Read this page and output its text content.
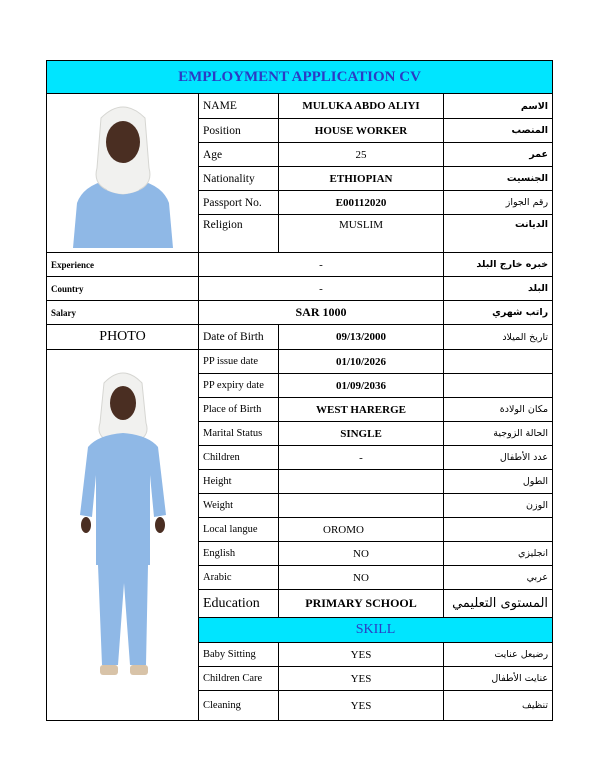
EMPLOYMENT APPLICATION CV			

	NAME	MULUKA ABDO ALIYI	الاسم
	Position	HOUSE WORKER	المنصب
	Age	25	عمر
	Nationality	ETHIOPIAN	الجنسيت
	Passport No.	E00112020	رقم الجواز
	Religion	MUSLIM	الديانت
Experience	-		خبره خارج البلد
Country	-		البلد
Salary	SAR 1000		راتب شهري
PHOTO	Date of Birth	09/13/2000	تاريخ الميلاد

	PP issue date	01/10/2026	
	PP expiry date	01/09/2036	
	Place of Birth	WEST HARERGE	مكان الولادة
	Marital Status	SINGLE	الحالة الزوجية
	Children	-	عدد الأطفال
	Height		الطول
	Weight		الوزن
	Local langue	OROMO	
	English	NO	انجليزي
	Arabic	NO	عربي
	Education	PRIMARY SCHOOL	المستوى التعليمي
	SKILL		
	Baby Sitting	YES	رضيعل عنايت
	Children Care	YES	عنايت الأطفال
	Cleaning	YES	تنظيف
